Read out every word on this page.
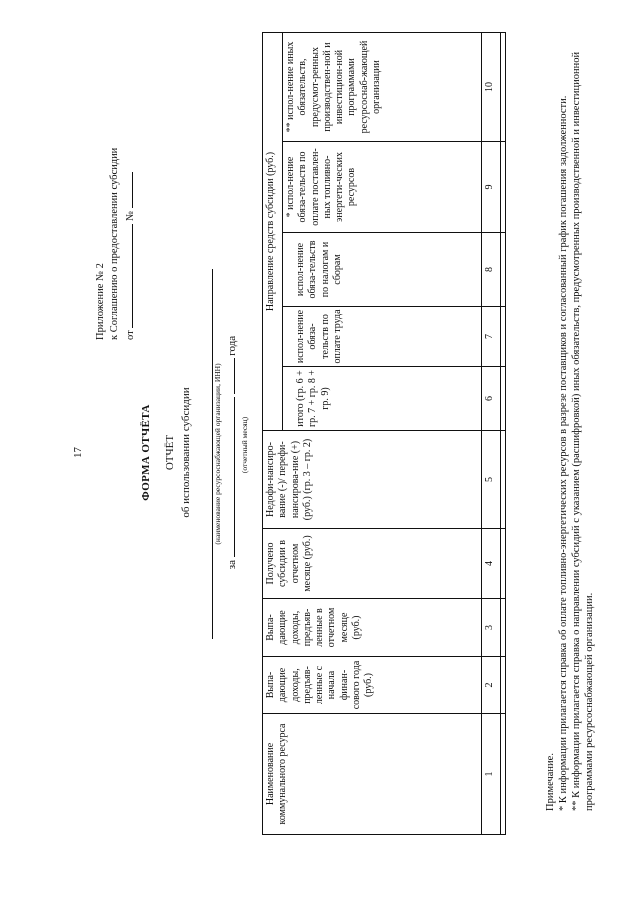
17
Приложение № 2 к Соглашению о предоставлении субсидии от  №
ФОРМА ОТЧЁТА ОТЧЁТ об использовании субсидии	(наименование ресурсоснабжающей организации, ИНН)
за   года
(отчетный месяц)
Наименование коммунального ресурса	Выпа-дающие доходы, предъяв-ленные с начала финан-сового года (руб.)	Выпа-дающие доходы, предъяв-ленные в отчетном месяце (руб.)	Получено субсидии в отчетном месяце (руб.)	Недофи-нанcиро-вание (-)/ перефи-нансирова-ние (+) (руб.) (гр. 3 – гр. 2)	Направление средств субсидии (руб.)				
					итого (гр. 6 + гр. 7 + гр. 8 + гр. 9)	испол-нение обяза-тельств по оплате труда	испол-нение обяза-тельств по налогам и сборам	* испол-нение обяза-тельств по оплате поставлен-ных топливно-энергети-ческих ресурсов	** испол-нение иных обязательств, предусмот-ренных производствен-ной и инвестицион-ной программами ресурсоснаб-жающей организации
1	2	3	4	5	6	7	8	9	10

Примечание. * К информации прилагается справка об оплате топливно-энергетических ресурсов в разрезе поставщиков и согласованный график погашения задолженности. ** К информации прилагается справка о направлении субсидий с указанием (расшифровкой) иных обязательств, предусмотренных производственной и инвестиционной программами ресурсоснабжающей организации.
